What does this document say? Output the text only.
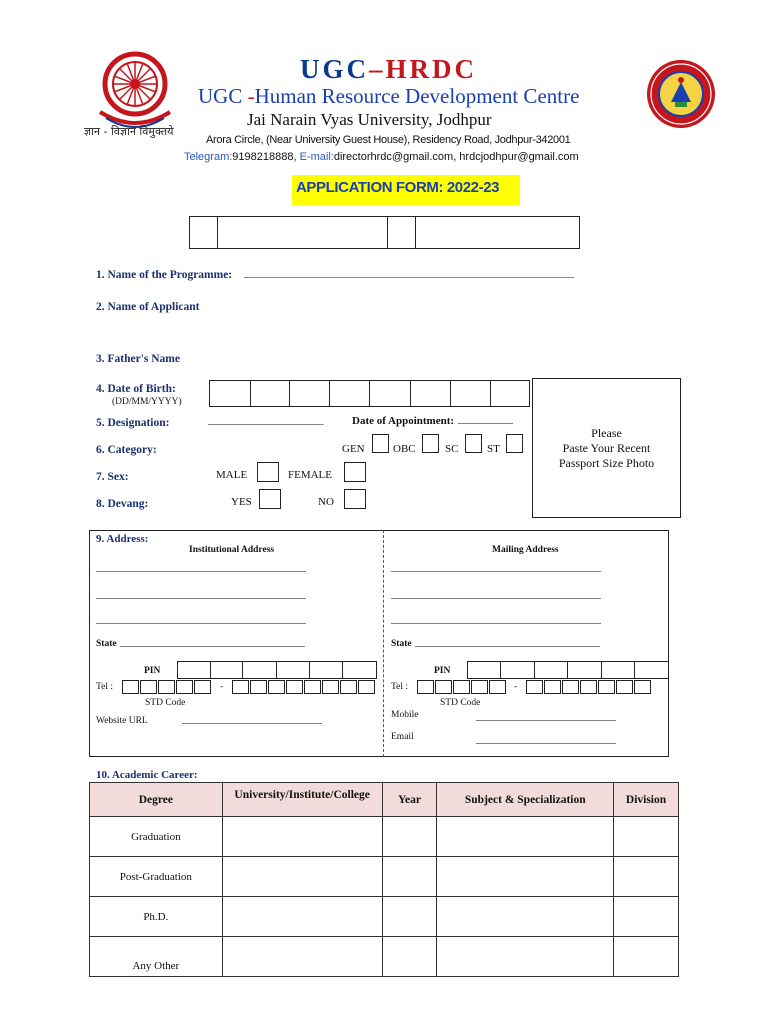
ज्ञान - विज्ञान विमुक्तये
UGC–HRDC
UGC -Human Resource Development Centre
Jai Narain Vyas University, Jodhpur
Arora Circle, (Near University Guest House), Residency Road, Jodhpur-342001
Telegram:9198218888, E-mail:directorhrdc@gmail.com, hrdcjodhpur@gmail.com
APPLICATION FORM: 2022-23
1. Name of the Programme: ____________________________________________________________
2. Name of Applicant
3. Father's Name
4. Date of Birth:
(DD/MM/YYYY)
5. Designation:	_____________________	Date of Appointment: __________
6. Category:	GEN	OBC	SC	ST
7. Sex:	MALE	FEMALE
8. Devang:	YES	NO
Please
Paste Your Recent
Passport Size Photo
9. Address:
Institutional Address	Mailing Address
__________________________________________
__________________________________________
__________________________________________
__________________________________________
__________________________________________
__________________________________________
State _____________________________________	State _____________________________________
PIN	PIN
Tel :	-
STD Code
Tel :	-
STD Code
Website URL	____________________________	Mobile	____________________________
Email	____________________________
10. Academic Career:
Degree	University/Institute/College	Year	Subject & Specialization	Division
Graduation				
Post-Graduation				
Ph.D.				
Any Other				
